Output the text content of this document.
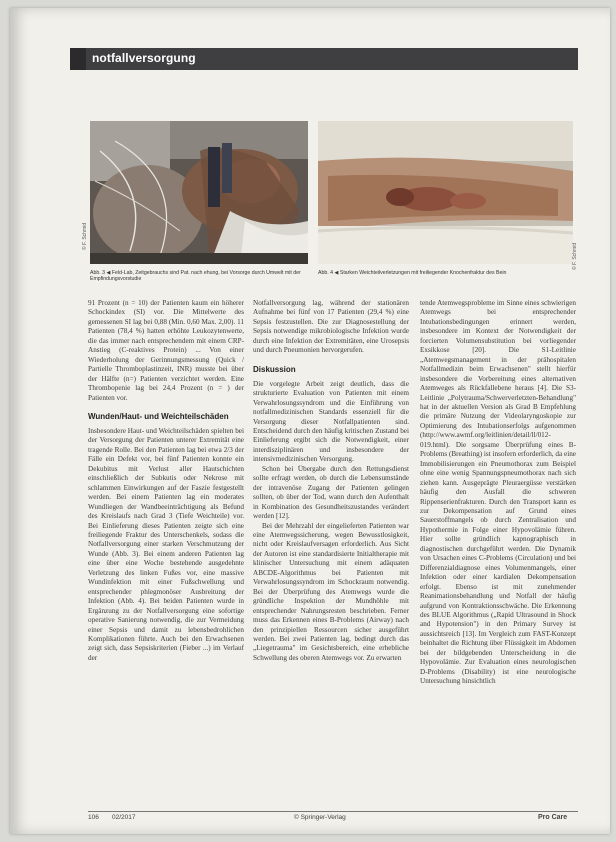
notfallversorgung
© F. Schmid
Abb. 3 ◀ Feld-Lab, Zeitgebrauchs sind Pat. nach ehung, bei Vorsorge durch Umwelt mit der Empfindungsvorstudie
© F. Schmid
Abb. 4 ◀ Starken Weichteilverletzungen mit freiliegender Knochenfraktur des Bein

91 Prozent (n = 10) der Patienten kaum ein höherer Schockindex (SI) vor. Die Mittelwerte des gemessenen SI lag bei 0,88 (Min. 0,60 Max. 2,00). 11 Patienten (78,4 %) hatten erhöhte Leukozytenwerte, die das immer nach entsprechendem mit einem CRP-Anstieg (C-reaktives Protein) ... Von einer Wiederholung der Gerinnungsmessung (Quick / Partielle Thromboplastinzeit, INR) musste bei über der Hälfte (n=) Patienten verzichtet werden. Eine Thrombopenie lag bei 24,4 Prozent (n = ) der Patienten vor.

Wunden/Haut- und Weichteilschäden

Insbesondere Haut- und Weichteilschäden spielten bei der Versorgung der Patienten unterer Extremität eine tragende Rolle. Bei den Patienten lag bei etwa 2/3 der Fälle ein Defekt vor, bei fünf Patienten konnte ein Dekubitus mit Verlust aller Hautschichten einschließlich der Subkutis oder Nekrose mit schlammen Einwirkungen auf der Faszie festgestellt werden. Bei einem Patienten lag ein moderates Wundliegen der Wandbeeinträchtigung als Befund des Kreislaufs nach Grad 3 (Tiefe Weichteile) vor. Bei Einlieferung dieses Patienten zeigte sich eine freiliegende Fraktur des Unterschenkels, sodass die Notfallversorgung einer starken Verschmutzung der Wunde (Abb. 3). Bei einem anderen Patienten lag eine über eine Woche bestehende ausgedehnte Verletzung des linken Fußes vor, eine massive Wundinfektion mit einer Fußschwellung und entsprechender phlegmonöser Ausbreitung der Infektion (Abb. 4). Bei beiden Patienten wurde in Ergänzung zu der Notfallversorgung eine sofortige operative Sanierung notwendig, die zur Vermeidung einer Sepsis und damit zu lebensbedrohlichen Komplikationen führte. Auch bei den Erwachsenen zeigt sich, dass Sepsiskriterien (Fieber ...) im Verlauf der

Notfallversorgung lag, während der stationären Aufnahme bei fünf von 17 Patienten (29,4 %) eine Sepsis festzustellen. Die zur Diagnosestellung der Sepsis notwendige mikrobiologische Infektion wurde durch eine Infektion der Extremitäten, eine Urosepsis und durch Pneumonien hervorgerufen.

Diskussion

Die vorgelegte Arbeit zeigt deutlich, dass die strukturierte Evaluation von Patienten mit einem Verwahrlosungssyndrom und die Einführung von notfallmedizinischen Standards essenziell für die Versorgung dieser Notfallpatienten sind. Entscheidend durch den häufig kritischen Zustand bei Einlieferung ergibt sich die Notwendigkeit, einer interdisziplinären und insbesondere der intensivmedizinischen Versorgung.

Schon bei Übergabe durch den Rettungsdienst sollte erfragt werden, ob durch die Lebensumstände der intravenöse Zugang der Patienten gelingen sollten, ob über der Tod, wann durch den Aufenthalt in Kombination des Gesundheitszustandes verändert werden [12].

Bei der Mehrzahl der eingelieferten Patienten war eine Atemwegssicherung, wegen Bewusstlosigkeit, nicht oder Kreislaufversagen erforderlich. Aus Sicht der Autoren ist eine standardisierte Initialtherapie mit klinischer Untersuchung mit einem adäquaten ABCDE-Algorithmus bei Patienten mit Verwahrlosungssyndrom im Schockraum notwendig. Bei der Überprüfung des Atemwegs wurde die gründliche Inspektion der Mundhöhle mit entsprechender Nahrungsresten beschrieben. Ferner muss das Erkennen eines B-Problems (Airway) nach den prinzipiellen Ressourcen sicher ausgeführt werden. Bei zwei Patienten lag, bedingt durch das „Liegetrauma" im Gesichtsbereich, eine erhebliche Schwellung des oberen Atemwegs vor. Zu erwarten

tende Atemwegsprobleme im Sinne eines schwierigen Atemwegs bei entsprechender Intubationsbedingungen erinnert werden, insbesondere im Kontext der Notwendigkeit der forcierten Volumensubstitution bei vorliegender Exsikkose [20]. Die S1-Leitlinie „Atemwegsmanagement in der prähospitalen Notfallmedizin beim Erwachsenen" stellt hierfür insbesondere die Vorbereitung eines alternativen Atemweges als Rückfallebene heraus [4]. Die S3-Leitlinie „Polytrauma/Schwerverletzten-Behandlung" hat in der aktuellen Version als Grad B Empfehlung die primäre Nutzung der Videolaryngoskopie zur Optimierung des Intubationserfolgs aufgenommen (http://www.awmf.org/leitlinien/detail/ll/012-019.html). Die sorgsame Überprüfung eines B-Problems (Breathing) ist insofern erforderlich, da eine Immobilisierungen ein Pneumothorax zum Beispiel ohne eine wenig Spannungspneumothorax nach sich ziehen kann. Ausgeprägte Pleuraergüsse verstärken häufig den Ausfall die schweren Rippenserienfrakturen. Durch den Transport kann es zur Dekompensation auf Grund eines Sauerstoffmangels ob durch Zentralisation und Hypothermie in Folge einer Hypovolämie führen. Hier sollte gründlich kapnographisch in diagnostischen durchgeführt werden. Die Dynamik von Ursachen eines C-Problems (Circulation) und bei Differenzialdiagnose eines Volumenmangels, einer Infektion oder einer kardialen Dekompensation erfolgt. Ebenso ist mit zunehmender Reanimationsbehandlung und Notfall der häufig aufgrund von Kontraktionsschwäche. Die Erkennung des BLUE Algorithmus („Rapid Ultrasound in Shock and Hypotension") in den Primary Survey ist aussichtsreich [13]. Im Vergleich zum FAST-Konzept beinhaltet die Richtung über Flüssigkeit im Abdomen bei der bildgebenden Unterscheidung in die Hypovolämie. Zur Evaluation eines neurologischen D-Problems (Disability) ist eine neurologische Untersuchung hinsichtlich

106 02/2017	© Springer-Verlag	Pro Care
